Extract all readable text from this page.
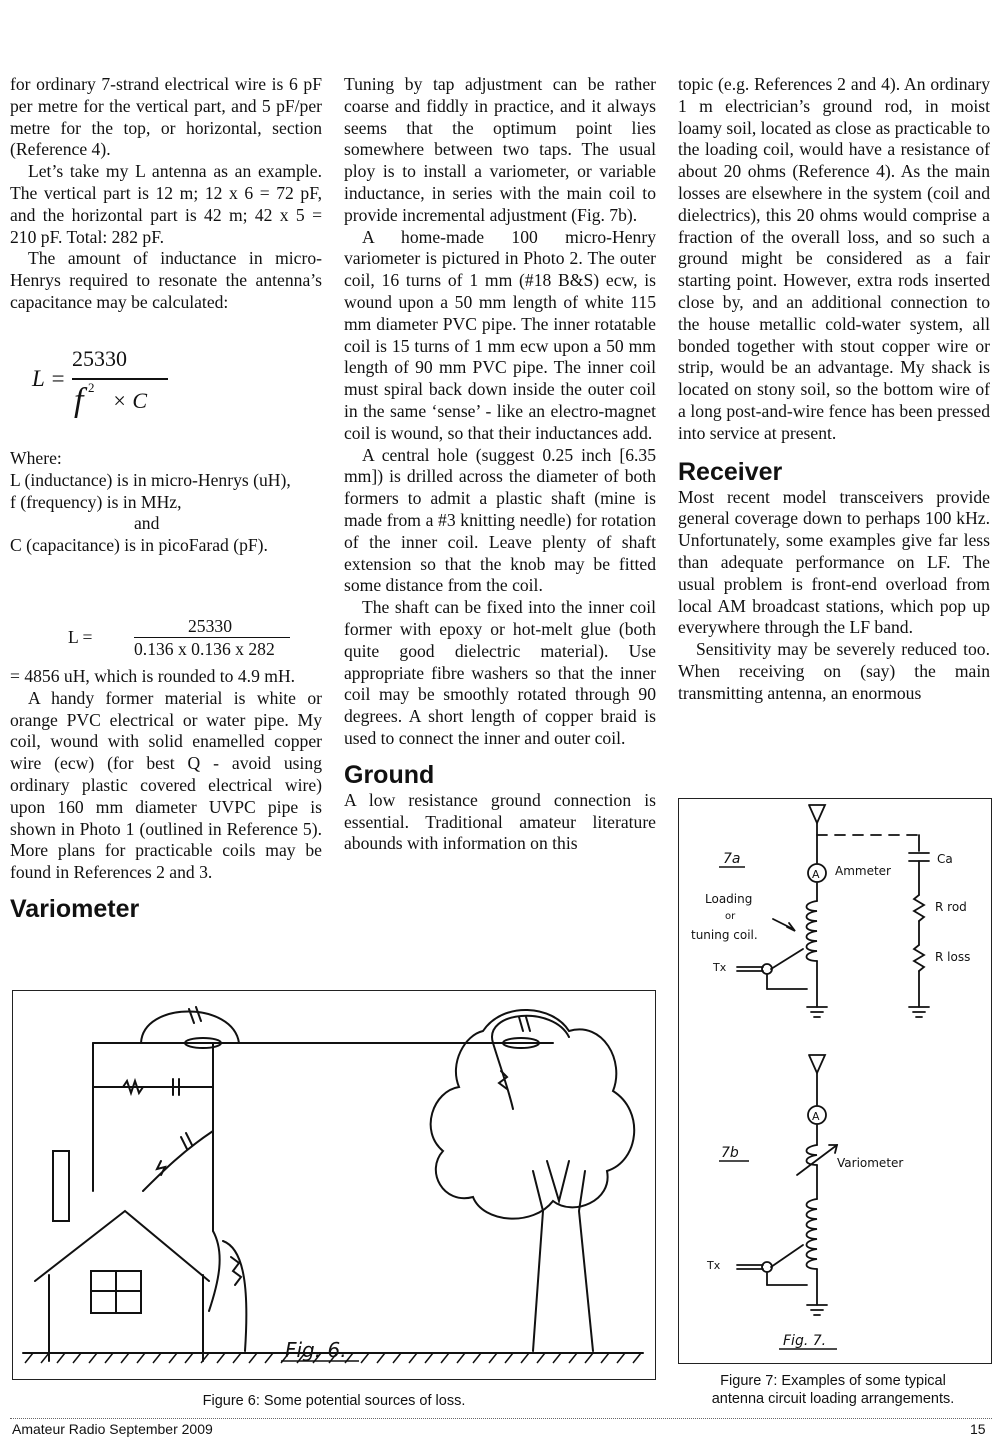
for ordinary 7-strand electrical wire is 6 pF per metre for the vertical part, and 5 pF/per metre for the top, or horizontal, section (Reference 4).

Let’s take my L antenna as an example. The vertical part is 12 m; 12 x 6 = 72 pF, and the horizontal part is 42 m; 42 x 5 = 210 pF. Total: 282 pF.

The amount of inductance in micro-Henrys required to resonate the antenna’s capacitance may be calculated:

L =
25330
f 2
× C

Where:

L (inductance) is in micro-Henrys (uH),

f (frequency) is in MHz,

and

C (capacitance) is in picoFarad (pF).

L =
25330
0.136 x 0.136 x 282

= 4856 uH, which is rounded to 4.9 mH.

A handy former material is white or orange PVC electrical or water pipe. My coil, wound with solid enamelled copper wire (ecw) (for best Q - avoid using ordinary plastic covered electrical wire) upon 160 mm diameter UVPC pipe is shown in Photo 1 (outlined in Reference 5). More plans for practicable coils may be found in References 2 and 3.

Variometer

Tuning by tap adjustment can be rather coarse and fiddly in practice, and it always seems that the optimum point lies somewhere between two taps. The usual ploy is to install a variometer, or variable inductance, in series with the main coil to provide incremental adjustment (Fig. 7b).

A home-made 100 micro-Henry variometer is pictured in Photo 2. The outer coil, 16 turns of 1 mm (#18 B&S) ecw, is wound upon a 50 mm length of white 115 mm diameter PVC pipe. The inner rotatable coil is 15 turns of 1 mm ecw upon a 50 mm length of 90 mm PVC pipe. The inner coil must spiral back down inside the outer coil in the same ‘sense’ - like an electro-magnet coil is wound, so that their inductances add.

A central hole (suggest 0.25 inch [6.35 mm]) is drilled across the diameter of both formers to admit a plastic shaft (mine is made from a #3 knitting needle) for rotation of the inner coil. Leave plenty of shaft extension so that the knob may be fitted some distance from the coil.

The shaft can be fixed into the inner coil former with epoxy or hot-melt glue (both quite good dielectric material). Use appropriate fibre washers so that the inner coil may be smoothly rotated through 90 degrees. A short length of copper braid is used to connect the inner and outer coil.

Ground

A low resistance ground connection is essential. Traditional amateur literature abounds with information on this

topic (e.g. References 2 and 4). An ordinary 1 m electrician’s ground rod, in moist loamy soil, located as close as practicable to the loading coil, would have a resistance of about 20 ohms (Reference 4). As the main losses are elsewhere in the system (coil and dielectrics), this 20 ohms would comprise a fraction of the overall loss, and so such a ground might be considered as a fair starting point. However, extra rods inserted close by, and an additional connection to the house metallic cold-water system, all bonded together with stout copper wire or strip, would be an advantage. My shack is located on stony soil, so the bottom wire of a long post-and-wire fence has been pressed into service at present.

Receiver

Most recent model transceivers provide general coverage down to perhaps 100 kHz. Unfortunately, some examples give far less than adequate performance on LF. The usual problem is front-end overload from local AM broadcast stations, which pop up everywhere through the LF band.

Sensitivity may be severely reduced too. When receiving on (say) the main transmitting antenna, an enormous

Fig. 6.
Figure 6: Some potential sources of loss.
7a
A Ammeter
Ca
R rod
R loss
Loading
or
tuning coil.
Tx
7b
A
Variometer
Tx
Fig. 7.
Figure 7: Examples of some typical
antenna circuit loading arrangements.
Amateur Radio September 2009	15
